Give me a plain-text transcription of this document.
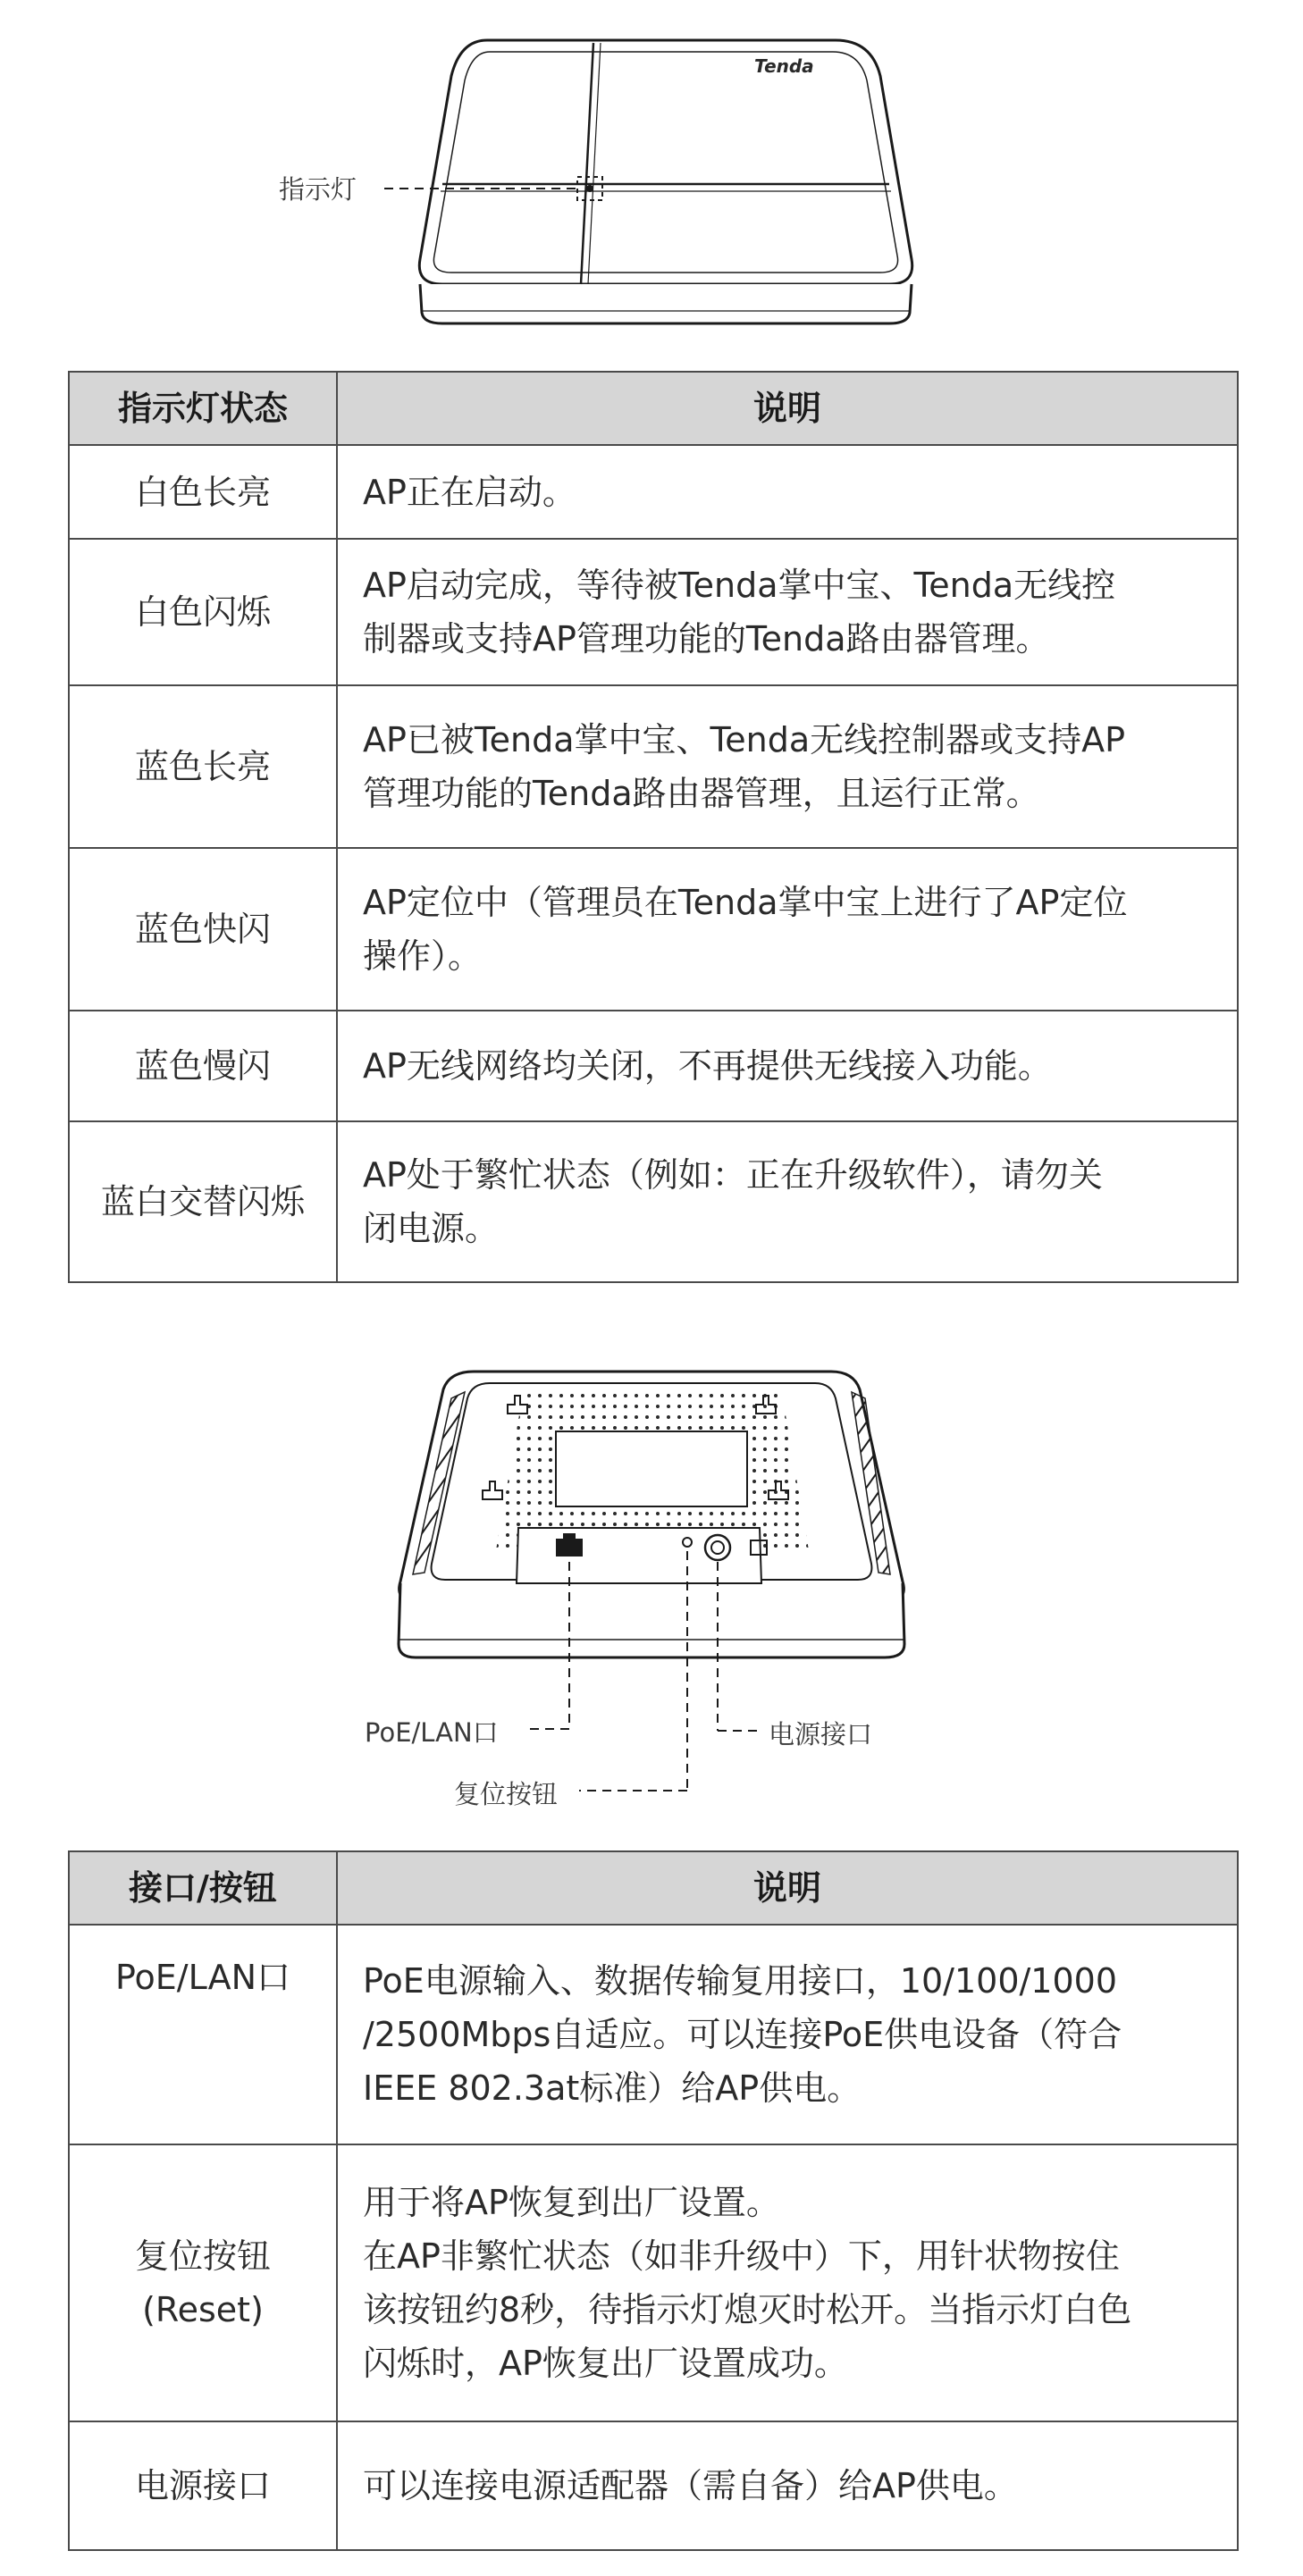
Tenda
指示灯
指示灯状态	说明
白色长亮	AP正在启动。

白色闪烁	AP启动完成，等待被Tenda掌中宝、Tenda无线控
制器或支持AP管理功能的Tenda路由器管理。

蓝色长亮	AP已被Tenda掌中宝、Tenda无线控制器或支持AP
管理功能的Tenda路由器管理，且运行正常。

蓝色快闪	AP定位中（管理员在Tenda掌中宝上进行了AP定位
操作）。

蓝色慢闪	AP无线网络均关闭，不再提供无线接入功能。

蓝白交替闪烁	AP处于繁忙状态（例如：正在升级软件），请勿关
闭电源。
PoE/LAN口	电源接口
复位按钮
接口/按钮	说明

PoE/LAN口	PoE电源输入、数据传输复用接口，10/100/1000
/2500Mbps自适应。可以连接PoE供电设备（符合
IEEE 802.3at标准）给AP供电。

复位按钮
(Reset)	用于将AP恢复到出厂设置。
在AP非繁忙状态（如非升级中）下，用针状物按住
该按钮约8秒，待指示灯熄灭时松开。当指示灯白色
闪烁时，AP恢复出厂设置成功。

电源接口	可以连接电源适配器（需自备）给AP供电。
